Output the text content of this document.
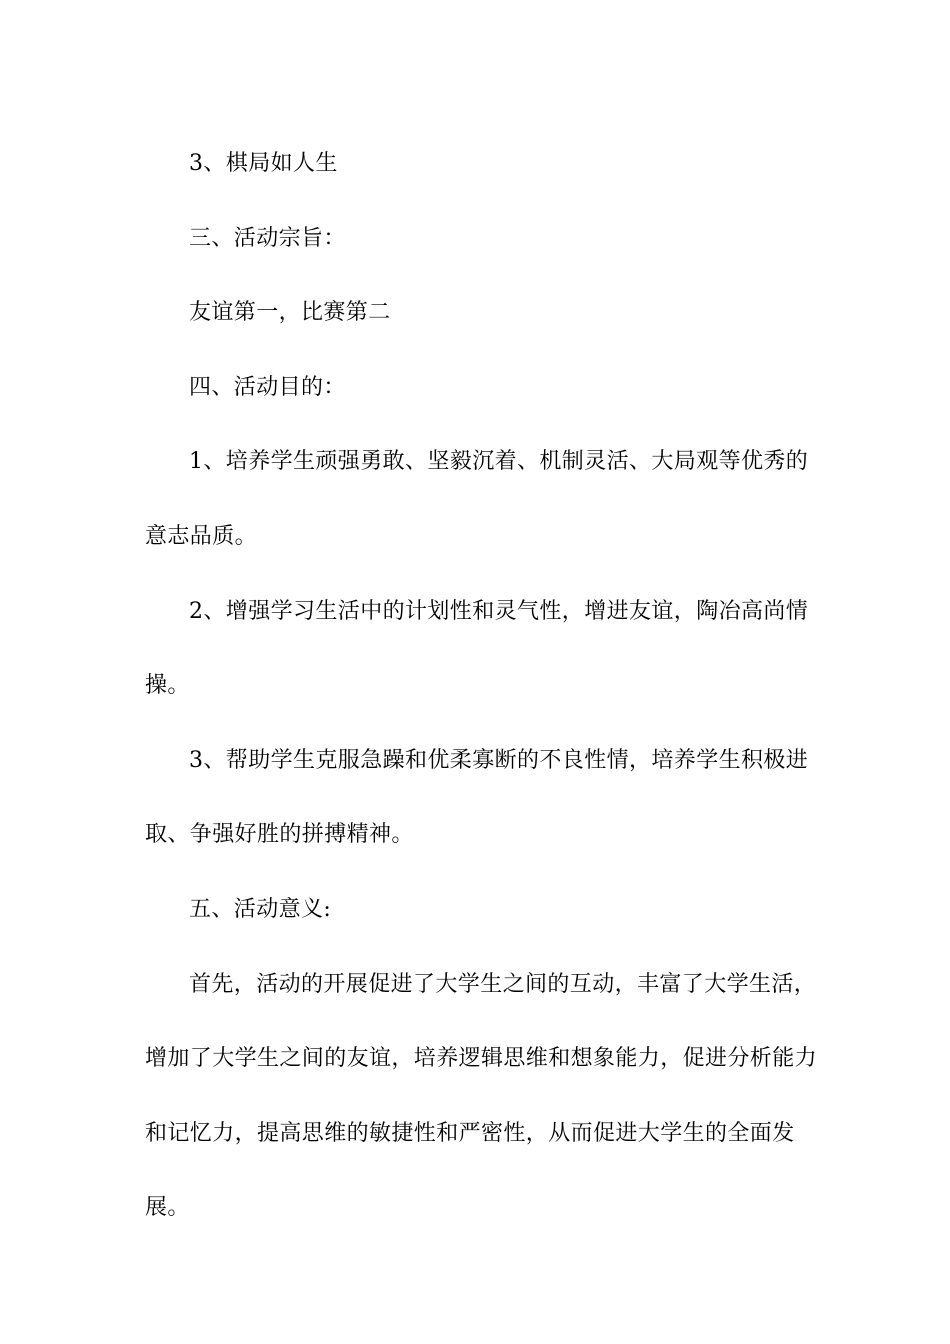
3、棋局如人生

三、活动宗旨：

友谊第一，比赛第二

四、活动目的：

1、培养学生顽强勇敢、坚毅沉着、机制灵活、大局观等优秀的意志品质。

2、增强学习生活中的计划性和灵气性，增进友谊，陶冶高尚情操。

3、帮助学生克服急躁和优柔寡断的不良性情，培养学生积极进取、争强好胜的拼搏精神。

五、活动意义:

首先，活动的开展促进了大学生之间的互动，丰富了大学生活，增加了大学生之间的友谊，培养逻辑思维和想象能力，促进分析能力和记忆力，提高思维的敏捷性和严密性，从而促进大学生的全面发展。
